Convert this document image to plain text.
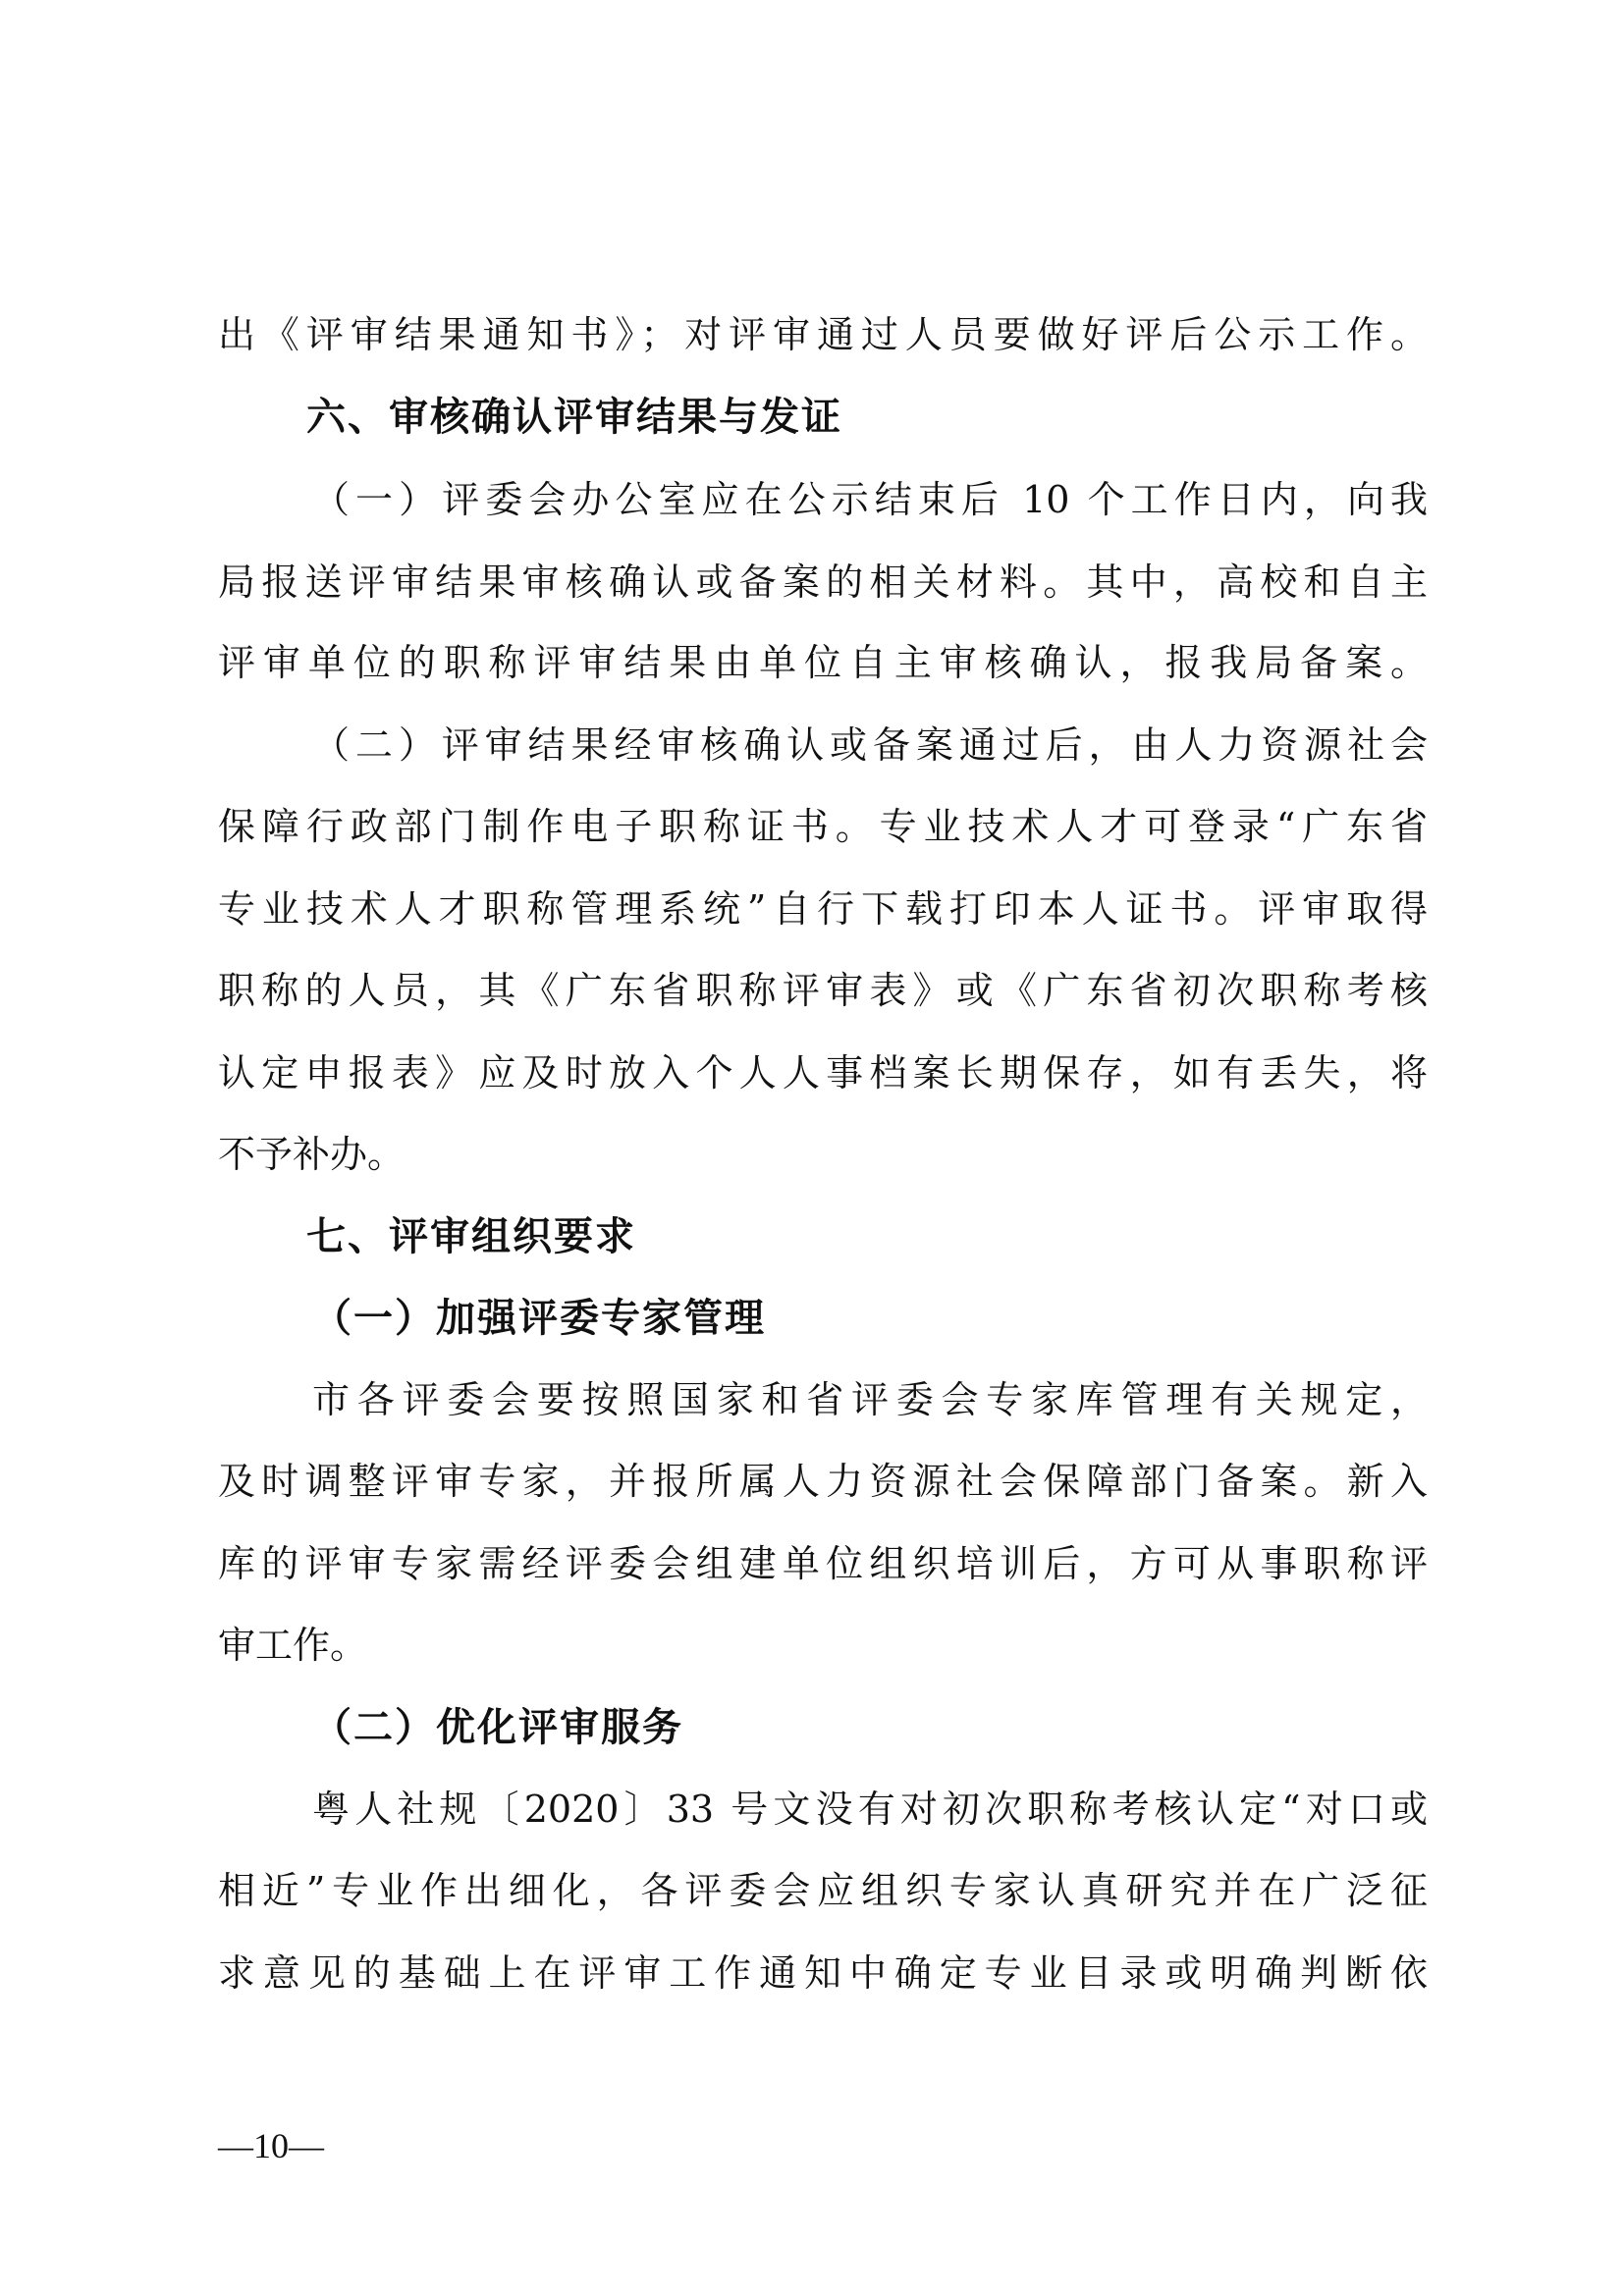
出《评审结果通知书》；对评审通过人员要做好评后公示工作。
六、审核确认评审结果与发证
（一）评委会办公室应在公示结束后 10 个工作日内，向我
局报送评审结果审核确认或备案的相关材料。其中，高校和自主
评审单位的职称评审结果由单位自主审核确认，报我局备案。
（二）评审结果经审核确认或备案通过后，由人力资源社会
保障行政部门制作电子职称证书。专业技术人才可登录“广东省
专业技术人才职称管理系统”自行下载打印本人证书。评审取得
职称的人员，其《广东省职称评审表》或《广东省初次职称考核
认定申报表》应及时放入个人人事档案长期保存，如有丢失，将
不予补办。
七、评审组织要求
（一）加强评委专家管理
市各评委会要按照国家和省评委会专家库管理有关规定，
及时调整评审专家，并报所属人力资源社会保障部门备案。新入
库的评审专家需经评委会组建单位组织培训后，方可从事职称评
审工作。
（二）优化评审服务
粤人社规〔2020〕33 号文没有对初次职称考核认定“对口或
相近”专业作出细化，各评委会应组织专家认真研究并在广泛征
求意见的基础上在评审工作通知中确定专业目录或明确判断依
—10—
